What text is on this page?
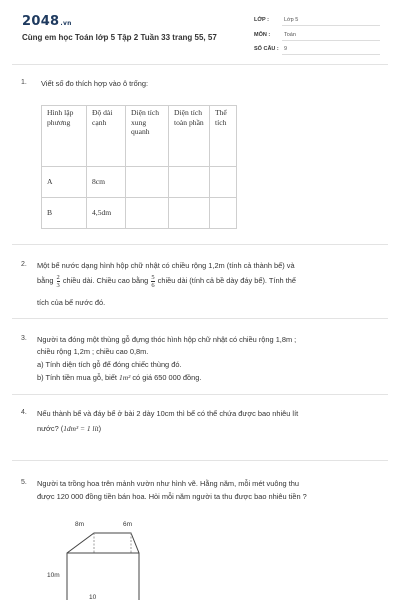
2048.vn
Cùng em học Toán lớp 5 Tập 2 Tuần 33 trang 55, 57
LỚP :	Lớp 5
MÔN :	Toán
SỐ CÂU : 9
1. Viết số đo thích hợp vào ô trống:
Hình lập phương	Độ dài cạnh	Diện tích xung quanh	Diện tích toàn phần	Thể tích
A	8cm			
B	4,5dm			
2. Một bể nước dạng hình hộp chữ nhật có chiều rộng 1,2m (tính cả thành bể) và
bằng $\frac{2}{3}$ chiều dài. Chiều cao bằng $\frac{5}{6}$ chiều dài (tính cả bề dày đáy bể). Tính thể
tích của bể nước đó.
3. Người ta đóng một thùng gỗ đựng thóc hình hộp chữ nhật có chiều rộng 1,8m ;
chiều rộng 1,2m ; chiều cao 0,8m.
a) Tính diện tích gỗ để đóng chiếc thùng đó.
b) Tính tiền mua gỗ, biết 1m² có giá 650 000 đồng.
4. Nếu thành bể và đáy bể ở bài 2 dày 10cm thì bể có thể chứa được bao nhiêu lít
nước? (1dm³ = 1 lít)
5. Người ta trồng hoa trên mảnh vườn như hình vẽ. Hằng năm, mỗi mét vuông thu
được 120 000 đồng tiền bán hoa. Hỏi mỗi năm người ta thu được bao nhiêu tiền ?
8m	6m
10m
10
